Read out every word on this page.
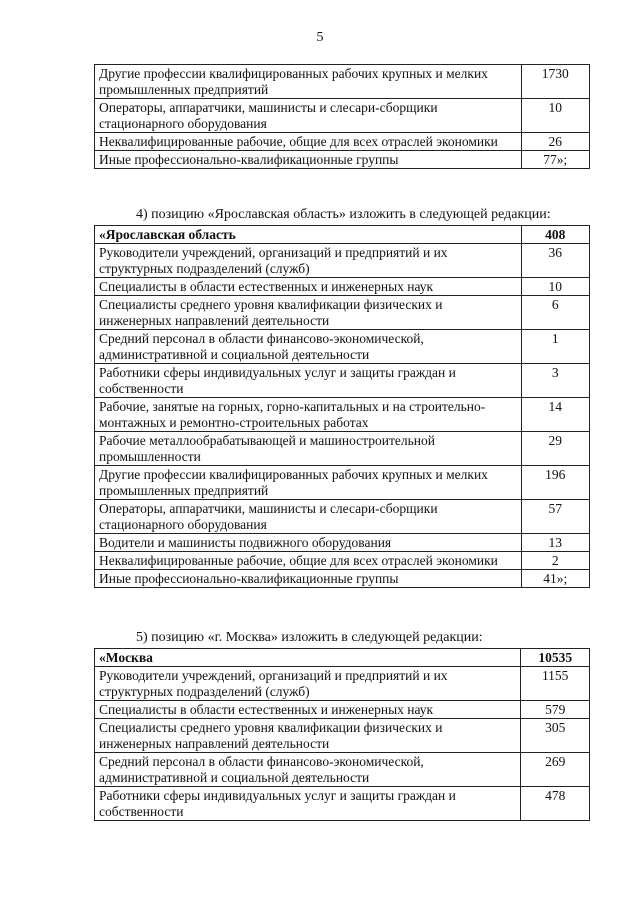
5
Другие профессии квалифицированных рабочих крупных и мелких промышленных предприятий	1730
Операторы, аппаратчики, машинисты и слесари-сборщики стационарного оборудования	10
Неквалифицированные рабочие, общие для всех отраслей экономики	26
Иные профессионально-квалификационные группы	77»;
4) позицию «Ярославская область» изложить в следующей редакции:
«Ярославская область	408
Руководители учреждений, организаций и предприятий и их структурных подразделений (служб)	36
Специалисты в области естественных и инженерных наук	10
Специалисты среднего уровня квалификации физических и инженерных направлений деятельности	6
Средний персонал в области финансово-экономической, административной и социальной деятельности	1
Работники сферы индивидуальных услуг и защиты граждан и собственности	3
Рабочие, занятые на горных, горно-капитальных и на строительно-монтажных и ремонтно-строительных работах	14
Рабочие металлообрабатывающей и машиностроительной промышленности	29
Другие профессии квалифицированных рабочих крупных и мелких промышленных предприятий	196
Операторы, аппаратчики, машинисты и слесари-сборщики стационарного оборудования	57
Водители и машинисты подвижного оборудования	13
Неквалифицированные рабочие, общие для всех отраслей экономики	2
Иные профессионально-квалификационные группы	41»;
5) позицию «г. Москва» изложить в следующей редакции:
«Москва	10535
Руководители учреждений, организаций и предприятий и их структурных подразделений (служб)	1155
Специалисты в области естественных и инженерных наук	579
Специалисты среднего уровня квалификации физических и инженерных направлений деятельности	305
Средний персонал в области финансово-экономической, административной и социальной деятельности	269
Работники сферы индивидуальных услуг и защиты граждан и собственности	478
